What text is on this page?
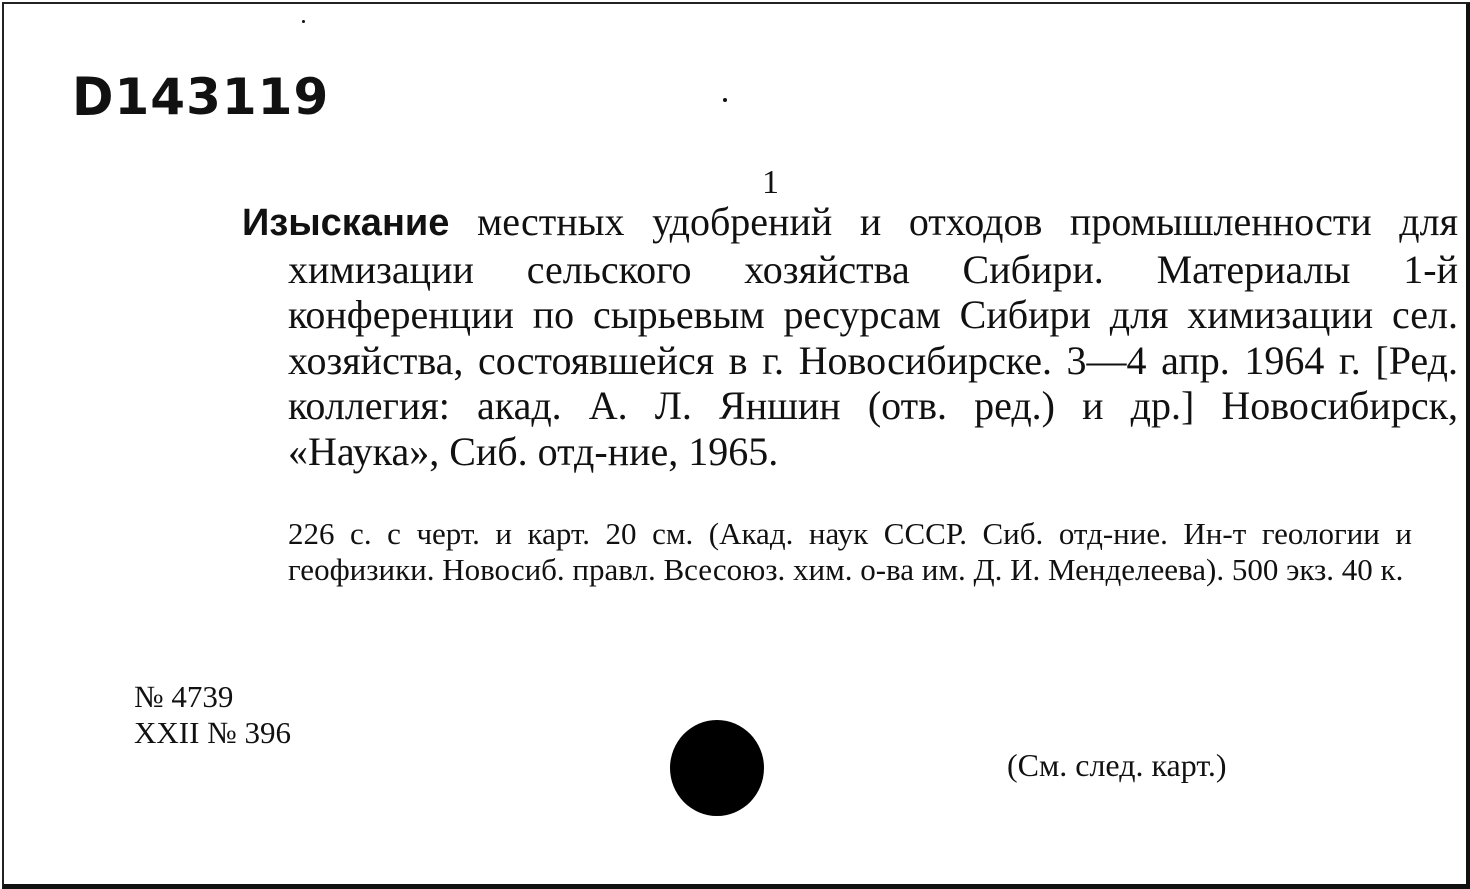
D143119
1

Изыскание местных удобрений и отходов промышленности для химизации сельского хозяйства Сибири. Материалы 1-й конференции по сырьевым ресурсам Сибири для химизации сел. хозяйства, состоявшейся в г. Новосибирске. 3—4 апр. 1964 г. [Ред. коллегия: акад. А. Л. Яншин (отв. ред.) и др.] Новосибирск, «Наука», Сиб. отд-ние, 1965.

226 с. с черт. и карт. 20 см. (Акад. наук СССР. Сиб. отд-ние. Ин-т геологии и геофизики. Новосиб. правл. Всесоюз. хим. о-ва им. Д. И. Менделеева). 500 экз. 40 к.

№ 4739
XXII № 396
(См. след. карт.)
